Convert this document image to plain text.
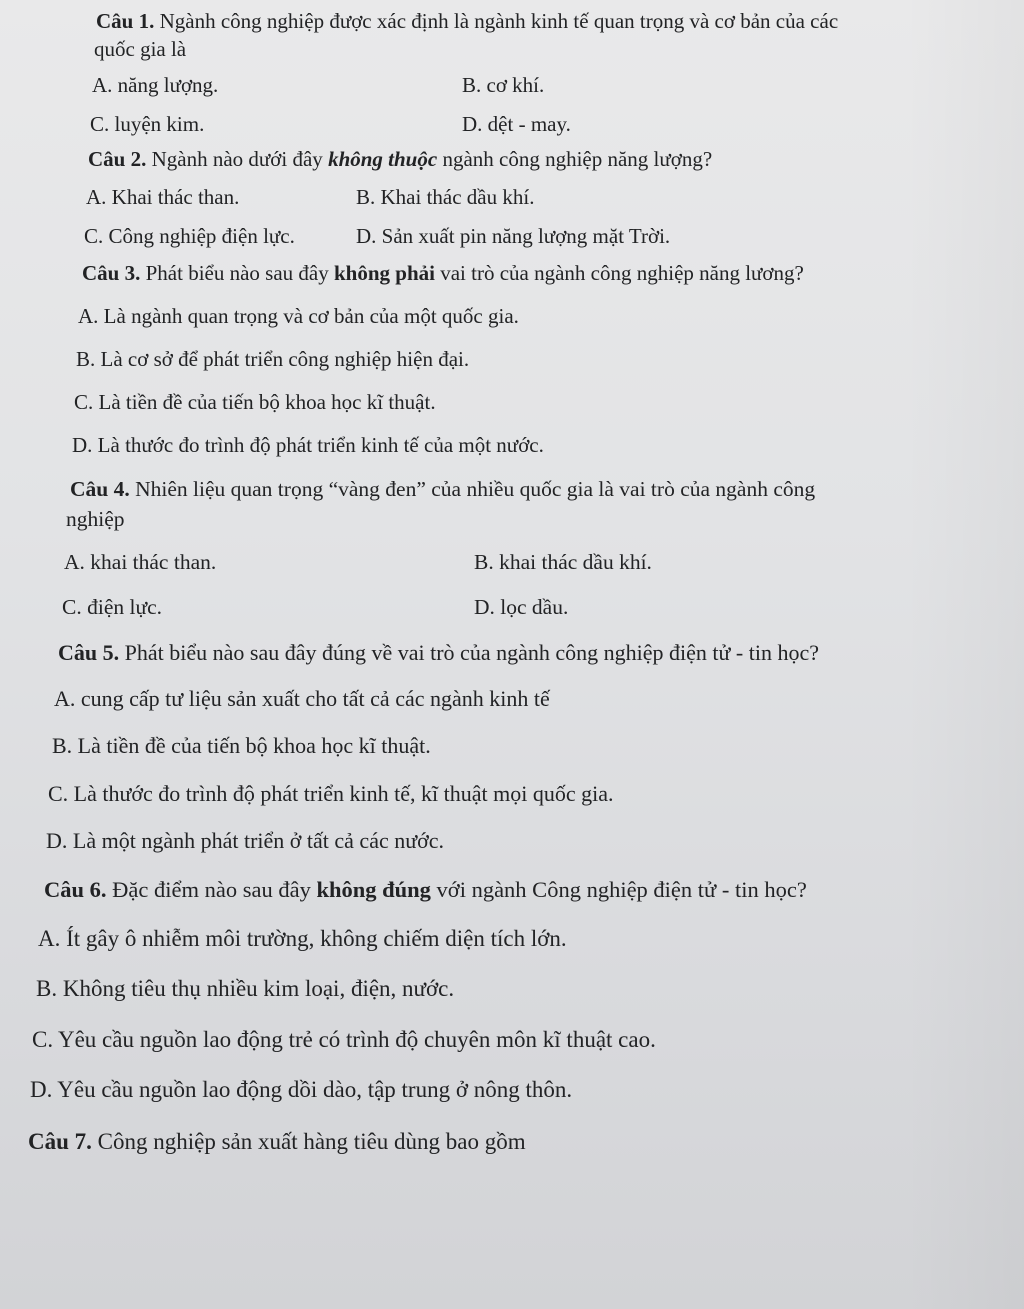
Câu 1. Ngành công nghiệp được xác định là ngành kinh tế quan trọng và cơ bản của các
quốc gia là
A. năng lượng.	B. cơ khí.
C. luyện kim.	D. dệt - may.
Câu 2. Ngành nào dưới đây không thuộc ngành công nghiệp năng lượng?
A. Khai thác than.	B. Khai thác dầu khí.
C. Công nghiệp điện lực.	D. Sản xuất pin năng lượng mặt Trời.
Câu 3. Phát biểu nào sau đây không phải vai trò của ngành công nghiệp năng lương?
A. Là ngành quan trọng và cơ bản của một quốc gia.
B. Là cơ sở để phát triển công nghiệp hiện đại.
C. Là tiền đề của tiến bộ khoa học kĩ thuật.
D. Là thước đo trình độ phát triển kinh tế của một nước.
Câu 4. Nhiên liệu quan trọng “vàng đen” của nhiều quốc gia là vai trò của ngành công
nghiệp
A. khai thác than.	B. khai thác dầu khí.
C. điện lực.	D. lọc dầu.
Câu 5. Phát biểu nào sau đây đúng về vai trò của ngành công nghiệp điện tử - tin học?
A. cung cấp tư liệu sản xuất cho tất cả các ngành kinh tế
B. Là tiền đề của tiến bộ khoa học kĩ thuật.
C. Là thước đo trình độ phát triển kinh tế, kĩ thuật mọi quốc gia.
D. Là một ngành phát triển ở tất cả các nước.
Câu 6. Đặc điểm nào sau đây không đúng với ngành Công nghiệp điện tử - tin học?
A. Ít gây ô nhiễm môi trường, không chiếm diện tích lớn.
B. Không tiêu thụ nhiều kim loại, điện, nước.
C. Yêu cầu nguồn lao động trẻ có trình độ chuyên môn kĩ thuật cao.
D. Yêu cầu nguồn lao động dồi dào, tập trung ở nông thôn.
Câu 7. Công nghiệp sản xuất hàng tiêu dùng bao gồm
